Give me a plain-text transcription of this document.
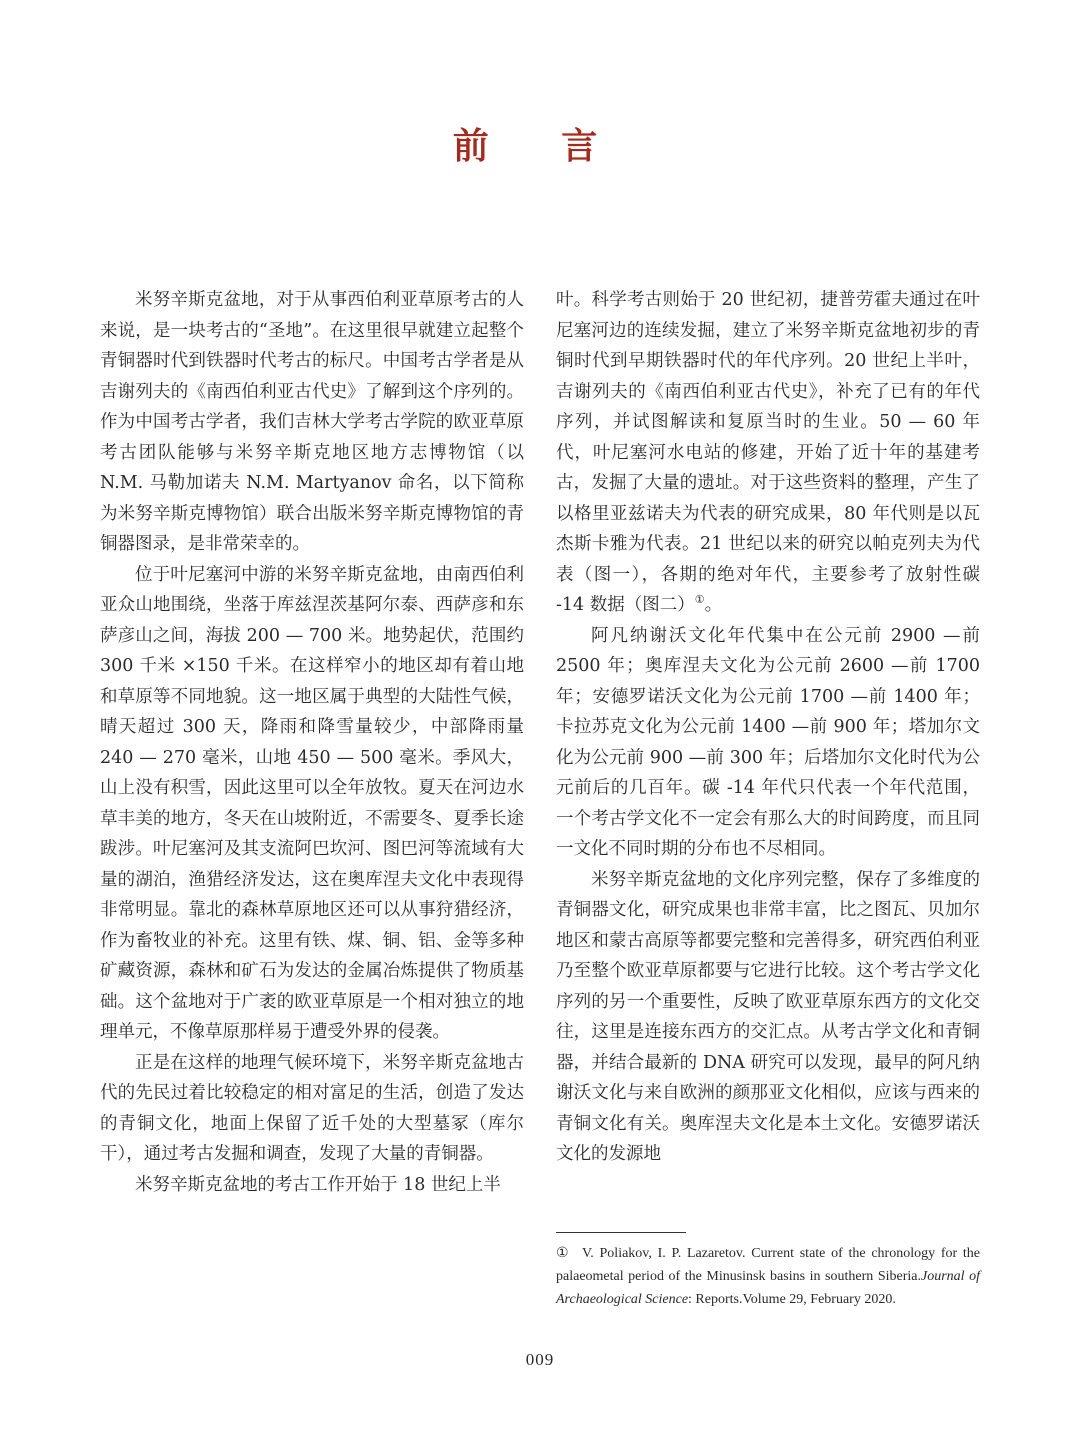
前 言

米努辛斯克盆地，对于从事西伯利亚草原考古的人来说，是一块考古的“圣地”。在这里很早就建立起整个青铜器时代到铁器时代考古的标尺。中国考古学者是从吉谢列夫的《南西伯利亚古代史》了解到这个序列的。作为中国考古学者，我们吉林大学考古学院的欧亚草原考古团队能够与米努辛斯克地区地方志博物馆（以 N.M. 马勒加诺夫 N.M. Martyanov 命名，以下简称为米努辛斯克博物馆）联合出版米努辛斯克博物馆的青铜器图录，是非常荣幸的。

位于叶尼塞河中游的米努辛斯克盆地，由南西伯利亚众山地围绕，坐落于库兹涅茨基阿尔泰、西萨彦和东萨彦山之间，海拔 200 — 700 米。地势起伏，范围约 300 千米 ×150 千米。在这样窄小的地区却有着山地和草原等不同地貌。这一地区属于典型的大陆性气候，晴天超过 300 天，降雨和降雪量较少，中部降雨量 240 — 270 毫米，山地 450 — 500 毫米。季风大，山上没有积雪，因此这里可以全年放牧。夏天在河边水草丰美的地方，冬天在山坡附近，不需要冬、夏季长途跋涉。叶尼塞河及其支流阿巴坎河、图巴河等流域有大量的湖泊，渔猎经济发达，这在奥库涅夫文化中表现得非常明显。靠北的森林草原地区还可以从事狩猎经济，作为畜牧业的补充。这里有铁、煤、铜、铝、金等多种矿藏资源，森林和矿石为发达的金属冶炼提供了物质基础。这个盆地对于广袤的欧亚草原是一个相对独立的地理单元，不像草原那样易于遭受外界的侵袭。

正是在这样的地理气候环境下，米努辛斯克盆地古代的先民过着比较稳定的相对富足的生活，创造了发达的青铜文化，地面上保留了近千处的大型墓冢（库尔干），通过考古发掘和调查，发现了大量的青铜器。

米努辛斯克盆地的考古工作开始于 18 世纪上半

叶。科学考古则始于 20 世纪初，捷普劳霍夫通过在叶尼塞河边的连续发掘，建立了米努辛斯克盆地初步的青铜时代到早期铁器时代的年代序列。20 世纪上半叶，吉谢列夫的《南西伯利亚古代史》，补充了已有的年代序列，并试图解读和复原当时的生业。50 — 60 年代，叶尼塞河水电站的修建，开始了近十年的基建考古，发掘了大量的遗址。对于这些资料的整理，产生了以格里亚兹诺夫为代表的研究成果，80 年代则是以瓦杰斯卡雅为代表。21 世纪以来的研究以帕克列夫为代表（图一），各期的绝对年代，主要参考了放射性碳 -14 数据（图二）①。

阿凡纳谢沃文化年代集中在公元前 2900 —前 2500 年；奥库涅夫文化为公元前 2600 —前 1700 年；安德罗诺沃文化为公元前 1700 —前 1400 年；卡拉苏克文化为公元前 1400 —前 900 年；塔加尔文化为公元前 900 —前 300 年；后塔加尔文化时代为公元前后的几百年。碳 -14 年代只代表一个年代范围，一个考古学文化不一定会有那么大的时间跨度，而且同一文化不同时期的分布也不尽相同。

米努辛斯克盆地的文化序列完整，保存了多维度的青铜器文化，研究成果也非常丰富，比之图瓦、贝加尔地区和蒙古高原等都要完整和完善得多，研究西伯利亚乃至整个欧亚草原都要与它进行比较。这个考古学文化序列的另一个重要性，反映了欧亚草原东西方的文化交往，这里是连接东西方的交汇点。从考古学文化和青铜器，并结合最新的 DNA 研究可以发现，最早的阿凡纳谢沃文化与来自欧洲的颜那亚文化相似，应该与西来的青铜文化有关。奥库涅夫文化是本土文化。安德罗诺沃文化的发源地

① V. Poliakov, I. P. Lazaretov. Current state of the chronology for the palaeometal period of the Minusinsk basins in southern Siberia.Journal of Archaeological Science: Reports.Volume 29, February 2020.
009
